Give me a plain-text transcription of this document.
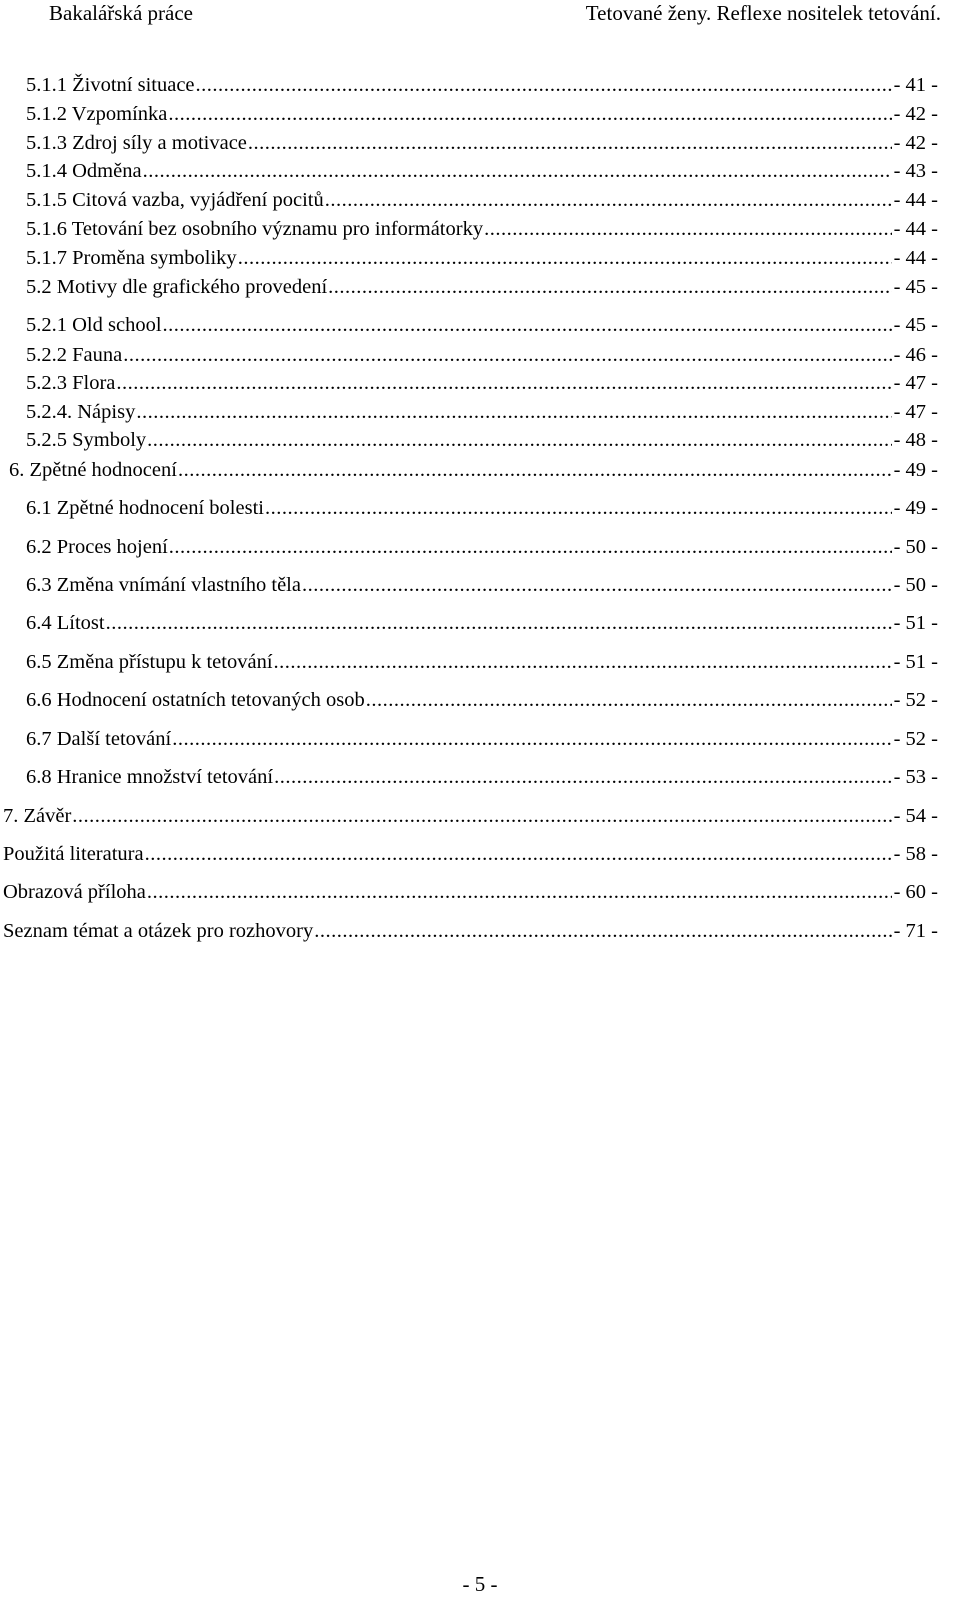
Bakalářská práce	Tetované ženy. Reflexe nositelek tetování.
5.1.1 Životní situace .....	- 41 -
5.1.2 Vzpomínka .....	- 42 -
5.1.3 Zdroj síly a motivace .....	- 42 -
5.1.4 Odměna .....	- 43 -
5.1.5 Citová vazba, vyjádření pocitů .....	- 44 -
5.1.6 Tetování bez osobního významu pro informátorky .....	- 44 -
5.1.7 Proměna symboliky .....	- 44 -
5.2 Motivy dle grafického provedení .....	- 45 -
5.2.1 Old school .....	- 45 -
5.2.2 Fauna .....	- 46 -
5.2.3 Flora .....	- 47 -
5.2.4. Nápisy .....	- 47 -
5.2.5 Symboly .....	- 48 -
6. Zpětné hodnocení .....	- 49 -
6.1 Zpětné hodnocení bolesti .....	- 49 -
6.2 Proces hojení .....	- 50 -
6.3 Změna vnímání vlastního těla .....	- 50 -
6.4 Lítost .....	- 51 -
6.5 Změna přístupu k tetování .....	- 51 -
6.6 Hodnocení ostatních tetovaných osob .....	- 52 -
6.7 Další tetování .....	- 52 -
6.8 Hranice množství tetování .....	- 53 -
7. Závěr .....	- 54 -
Použitá literatura .....	- 58 -
Obrazová příloha .....	- 60 -
Seznam témat a otázek pro rozhovory .....	- 71 -
- 5 -
